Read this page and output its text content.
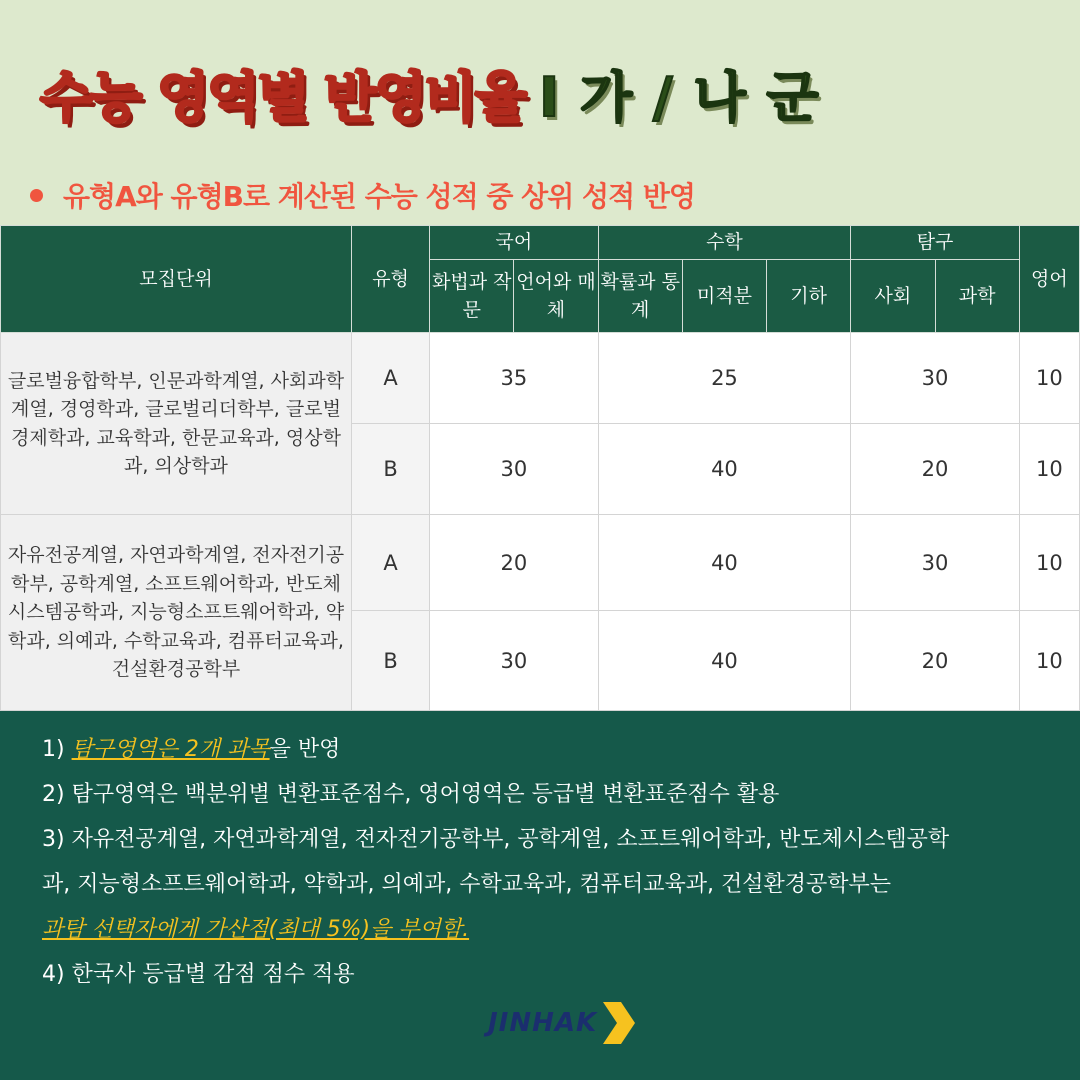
수능 영역별 반영비율 I 가 / 나 군
유형A와 유형B로 계산된 수능 성적 중 상위 성적 반영
모집단위	유형	국어		수학			탐구		영어
		화법과 작문	언어와 매체	확률과 통계	미적분	기하	사회	과학	
글로벌융합학부, 인문과학계열, 사회과학계열, 경영학과, 글로벌리더학부, 글로벌경제학과, 교육학과, 한문교육과, 영상학과, 의상학과	A	35		25			30		10
	B	30		40			20		10
자유전공계열, 자연과학계열, 전자전기공학부, 공학계열, 소프트웨어학과, 반도체시스템공학과, 지능형소프트웨어학과, 약학과, 의예과, 수학교육과, 컴퓨터교육과, 건설환경공학부	A	20		40			30		10
	B	30		40			20		10
1) 탐구영역은 2개 과목을 반영
2) 탐구영역은 백분위별 변환표준점수, 영어영역은 등급별 변환표준점수 활용
3) 자유전공계열, 자연과학계열, 전자전기공학부, 공학계열, 소프트웨어학과, 반도체시스템공학
과, 지능형소프트웨어학과, 약학과, 의예과, 수학교육과, 컴퓨터교육과, 건설환경공학부는
과탐 선택자에게 가산점(최대 5%)을 부여함.
4) 한국사 등급별 감점 점수 적용
JINHAK
